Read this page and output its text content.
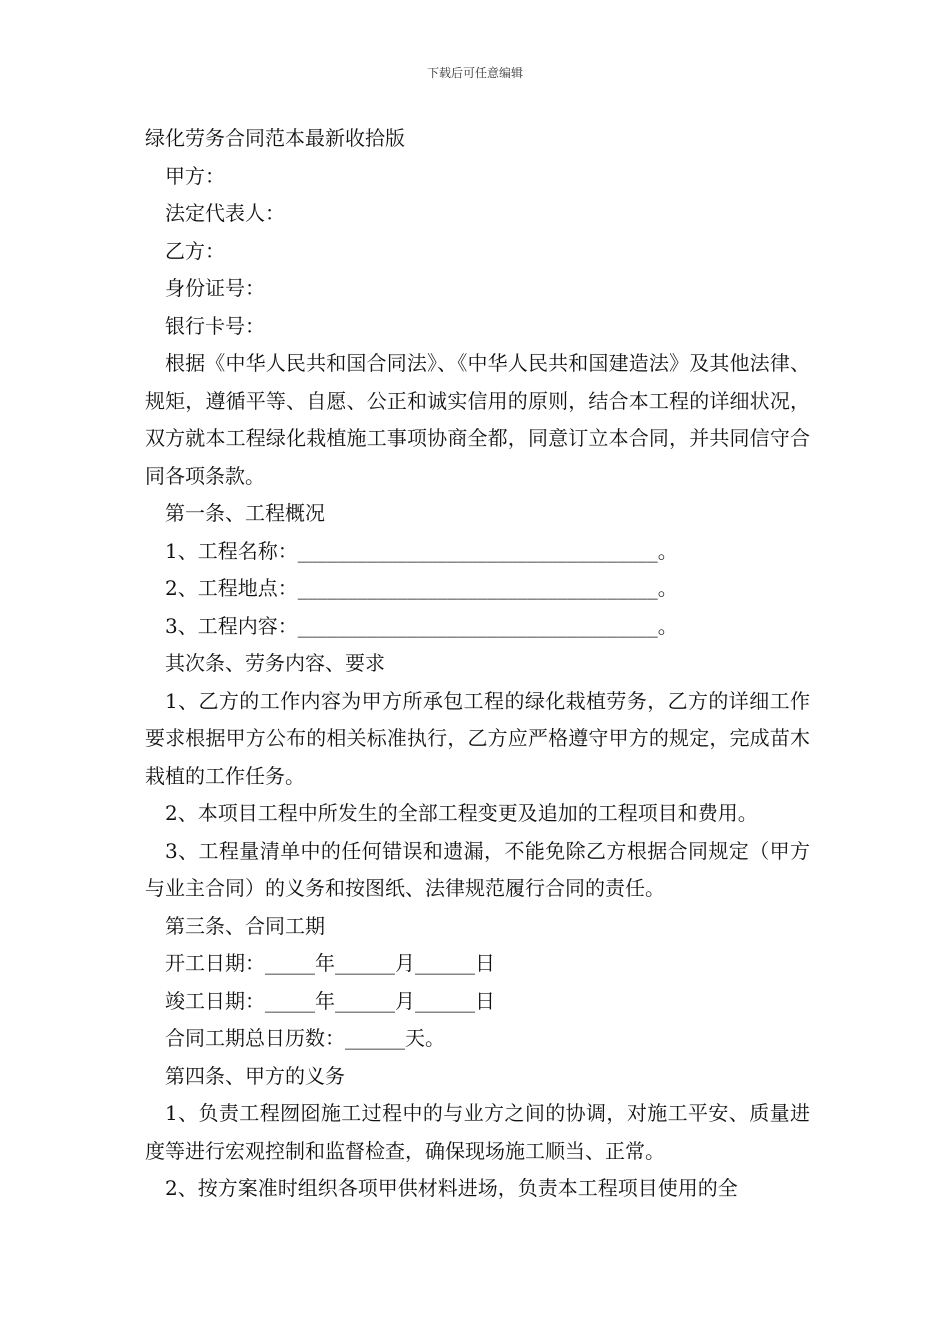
下载后可任意编辑

绿化劳务合同范本最新收拾版

甲方：

法定代表人：

乙方：

身份证号：

银行卡号：

根据《中华人民共和国合同法》、《中华人民共和国建造法》及其他法律、规矩，遵循平等、自愿、公正和诚实信用的原则，结合本工程的详细状况，双方就本工程绿化栽植施工事项协商全都，同意订立本合同，并共同信守合同各项条款。

第一条、工程概况

1、工程名称：____________________________________。

2、工程地点：____________________________________。

3、工程内容：____________________________________。

其次条、劳务内容、要求

1、乙方的工作内容为甲方所承包工程的绿化栽植劳务，乙方的详细工作要求根据甲方公布的相关标准执行，乙方应严格遵守甲方的规定，完成苗木栽植的工作任务。

2、本项目工程中所发生的全部工程变更及追加的工程项目和费用。

3、工程量清单中的任何错误和遗漏，不能免除乙方根据合同规定（甲方与业主合同）的义务和按图纸、法律规范履行合同的责任。

第三条、合同工期

开工日期：_____年______月______日

竣工日期：_____年______月______日

合同工期总日历数：______天。

第四条、甲方的义务

1、负责工程囫囵施工过程中的与业方之间的协调，对施工平安、质量进度等进行宏观控制和监督检查，确保现场施工顺当、正常。

2、按方案准时组织各项甲供材料进场，负责本工程项目使用的全
